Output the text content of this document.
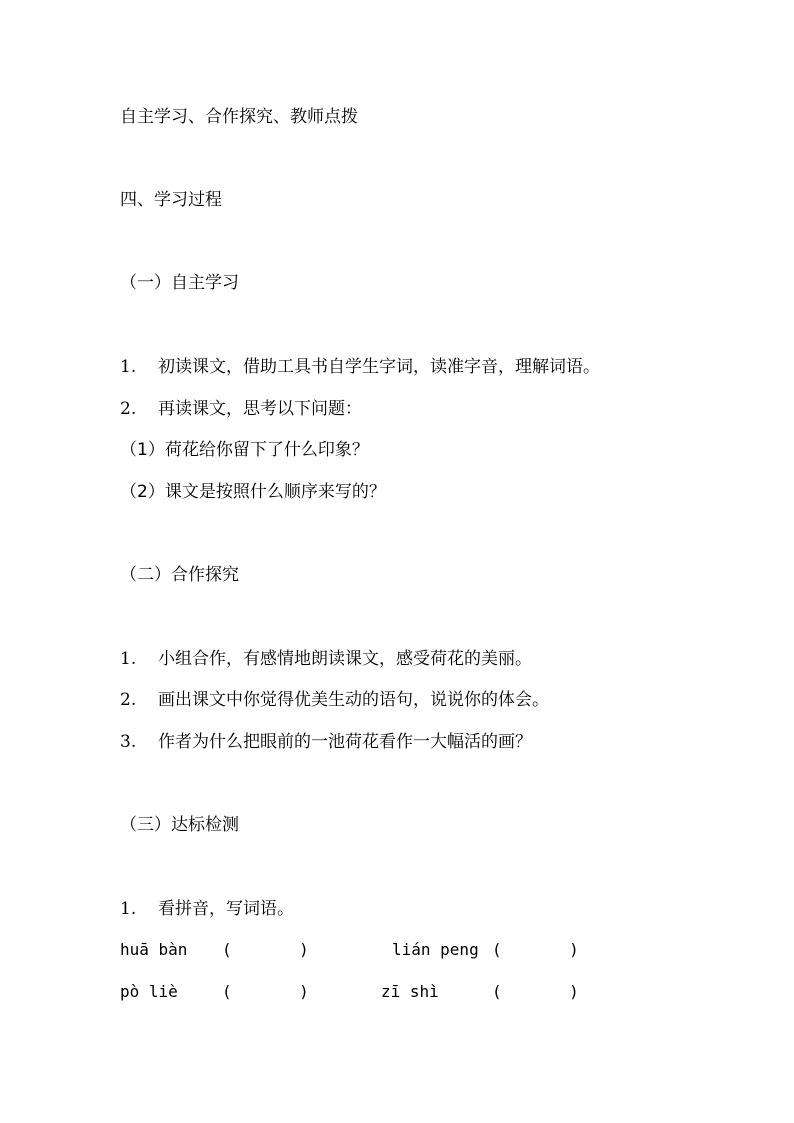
自主学习、合作探究、教师点拨
四、学习过程
（一）自主学习
1. 初读课文，借助工具书自学生字词，读准字音，理解词语。
2. 再读课文，思考以下问题：
（1）荷花给你留下了什么印象？
（2）课文是按照什么顺序来写的？
（二）合作探究
1. 小组合作，有感情地朗读课文，感受荷花的美丽。
2. 画出课文中你觉得优美生动的语句，说说你的体会。
3. 作者为什么把眼前的一池荷花看作一大幅活的画？
（三）达标检测
1. 看拼音，写词语。
huā bàn (       )	lián peng (       )
pò liè	(       )	zī shì	(       )
